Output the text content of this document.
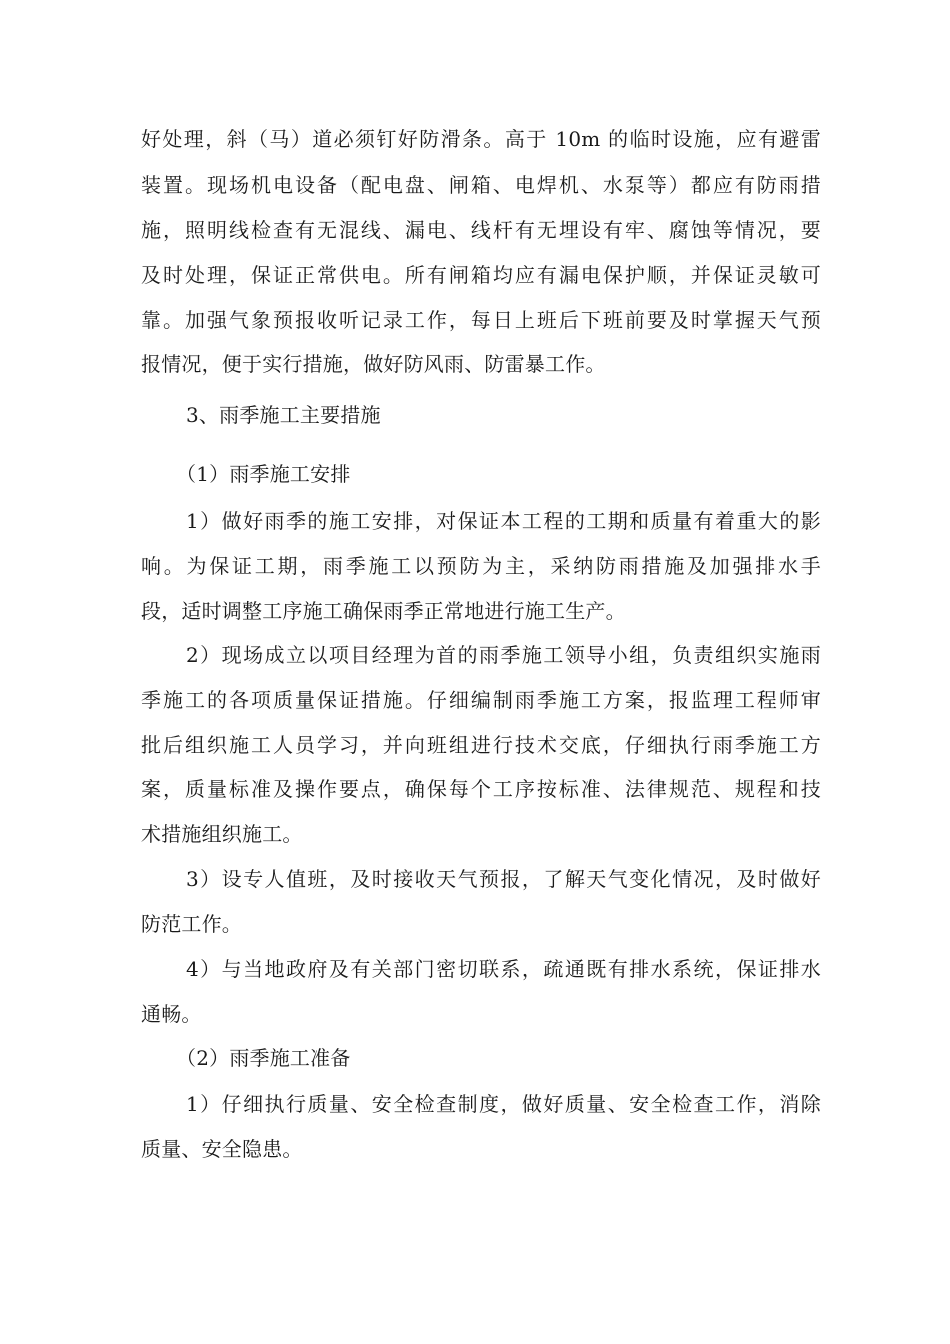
好处理，斜（马）道必须钉好防滑条。高于 10m 的临时设施，应有避雷
装置。现场机电设备（配电盘、闸箱、电焊机、水泵等）都应有防雨措
施，照明线检查有无混线、漏电、线杆有无埋设有牢、腐蚀等情况，要
及时处理，保证正常供电。所有闸箱均应有漏电保护顺，并保证灵敏可
靠。加强气象预报收听记录工作，每日上班后下班前要及时掌握天气预
报情况，便于实行措施，做好防风雨、防雷暴工作。
3、雨季施工主要措施
（1）雨季施工安排
1）做好雨季的施工安排，对保证本工程的工期和质量有着重大的影
响。为保证工期，雨季施工以预防为主，采纳防雨措施及加强排水手
段，适时调整工序施工确保雨季正常地进行施工生产。
2）现场成立以项目经理为首的雨季施工领导小组，负责组织实施雨
季施工的各项质量保证措施。仔细编制雨季施工方案，报监理工程师审
批后组织施工人员学习，并向班组进行技术交底，仔细执行雨季施工方
案，质量标准及操作要点，确保每个工序按标准、法律规范、规程和技
术措施组织施工。
3）设专人值班，及时接收天气预报，了解天气变化情况，及时做好
防范工作。
4）与当地政府及有关部门密切联系，疏通既有排水系统，保证排水
通畅。
（2）雨季施工准备
1）仔细执行质量、安全检查制度，做好质量、安全检查工作，消除
质量、安全隐患。
